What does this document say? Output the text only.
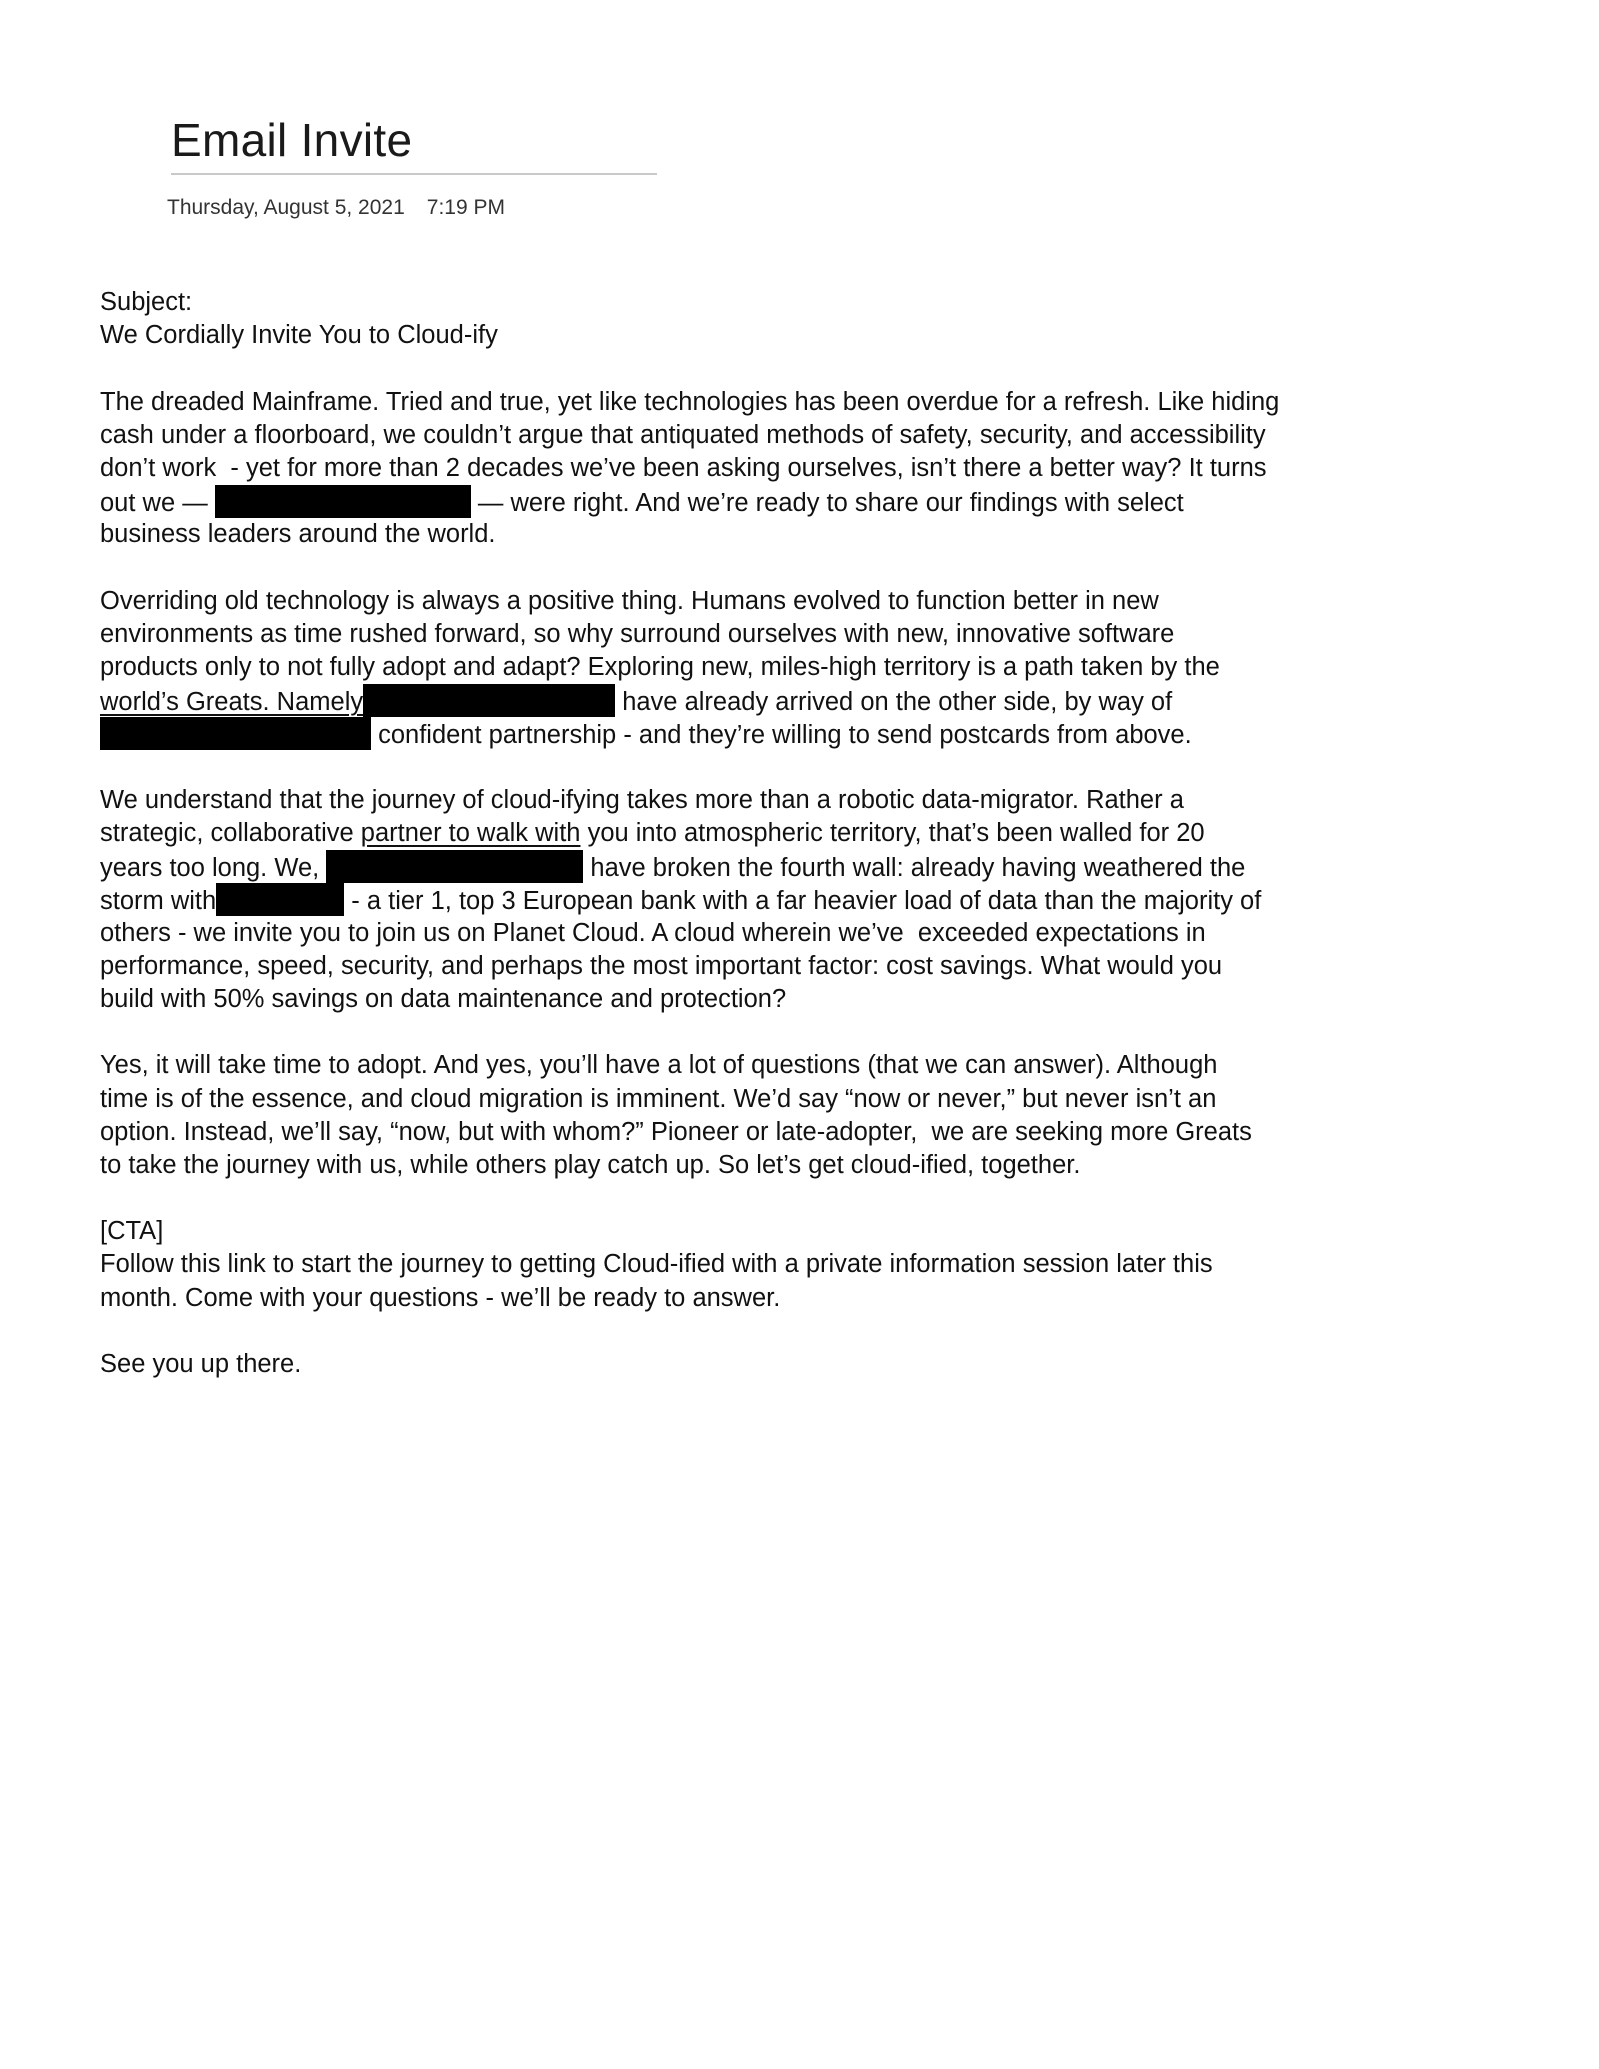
Email Invite
Thursday, August 5, 2021 7:19 PM
Subject:
We Cordially Invite You to Cloud-ify
The dreaded Mainframe. Tried and true, yet like technologies has been overdue for a refresh. Like hiding
cash under a floorboard, we couldn’t argue that antiquated methods of safety, security, and accessibility
don’t work  - yet for more than 2 decades we’ve been asking ourselves, isn’t there a better way? It turns
out we —	— were right. And we’re ready to share our findings with select
business leaders around the world.
Overriding old technology is always a positive thing. Humans evolved to function better in new
environments as time rushed forward, so why surround ourselves with new, innovative software
products only to not fully adopt and adapt? Exploring new, miles-high territory is a path taken by the
world’s Greats. Namely	have already arrived on the other side, by way of
confident partnership - and they’re willing to send postcards from above.
We understand that the journey of cloud-ifying takes more than a robotic data-migrator. Rather a
strategic, collaborative partner to walk with you into atmospheric territory, that’s been walled for 20
years too long. We,	have broken the fourth wall: already having weathered the
storm with	- a tier 1, top 3 European bank with a far heavier load of data than the majority of
others - we invite you to join us on Planet Cloud. A cloud wherein we’ve  exceeded expectations in
performance, speed, security, and perhaps the most important factor: cost savings. What would you
build with 50% savings on data maintenance and protection?
Yes, it will take time to adopt. And yes, you’ll have a lot of questions (that we can answer). Although
time is of the essence, and cloud migration is imminent. We’d say “now or never,” but never isn’t an
option. Instead, we’ll say, “now, but with whom?” Pioneer or late-adopter,  we are seeking more Greats
to take the journey with us, while others play catch up. So let’s get cloud-ified, together.
[CTA]
Follow this link to start the journey to getting Cloud-ified with a private information session later this
month. Come with your questions - we’ll be ready to answer.
See you up there.
